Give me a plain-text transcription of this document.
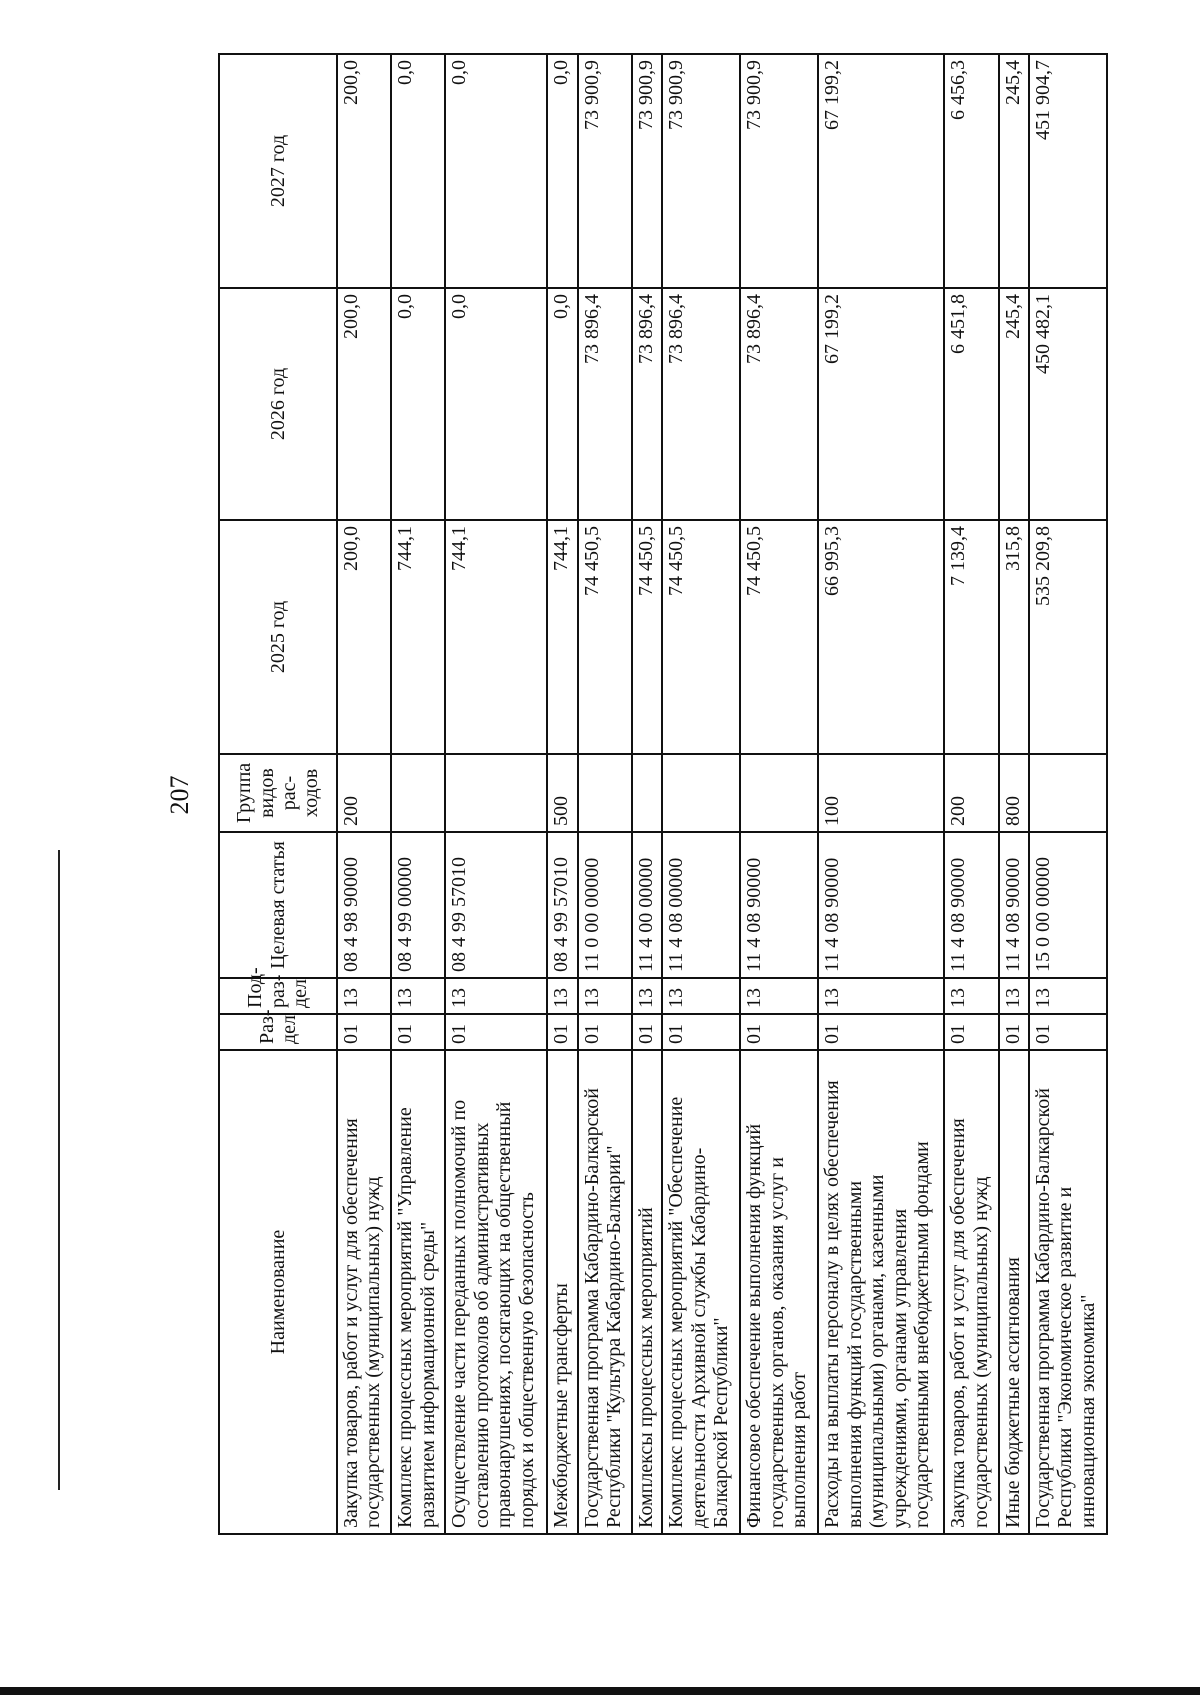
207
Наименование	Раз-дел	Под-раз-дел	Целевая статья	Группа видов рас-ходов	2025 год	2026 год	2027 год
Закупка товаров, работ и услуг для обеспечения государственных (муниципальных) нужд	01	13	08 4 98 90000	200	200,0	200,0	200,0
Комплекс процессных мероприятий "Управление развитием информационной среды"	01	13	08 4 99 00000		744,1	0,0	0,0
Осуществление части переданных полномочий по составлению протоколов об административных правонарушениях, посягающих на общественный порядок и общественную безопасность	01	13	08 4 99 57010		744,1	0,0	0,0
Межбюджетные трансферты	01	13	08 4 99 57010	500	744,1	0,0	0,0
Государственная программа Кабардино-Балкарской Республики "Культура Кабардино-Балкарии"	01	13	11 0 00 00000		74 450,5	73 896,4	73 900,9
Комплексы процессных мероприятий	01	13	11 4 00 00000		74 450,5	73 896,4	73 900,9
Комплекс процессных мероприятий "Обеспечение деятельности Архивной службы Кабардино-Балкарской Республики"	01	13	11 4 08 00000		74 450,5	73 896,4	73 900,9
Финансовое обеспечение выполнения функций государственных органов, оказания услуг и выполнения работ	01	13	11 4 08 90000		74 450,5	73 896,4	73 900,9
Расходы на выплаты персоналу в целях обеспечения выполнения функций государственными (муниципальными) органами, казенными учреждениями, органами управления государственными внебюджетными фондами	01	13	11 4 08 90000	100	66 995,3	67 199,2	67 199,2
Закупка товаров, работ и услуг для обеспечения государственных (муниципальных) нужд	01	13	11 4 08 90000	200	7 139,4	6 451,8	6 456,3
Иные бюджетные ассигнования	01	13	11 4 08 90000	800	315,8	245,4	245,4
Государственная программа Кабардино-Балкарской Республики "Экономическое развитие и инновационная экономика"	01	13	15 0 00 00000		535 209,8	450 482,1	451 904,7
